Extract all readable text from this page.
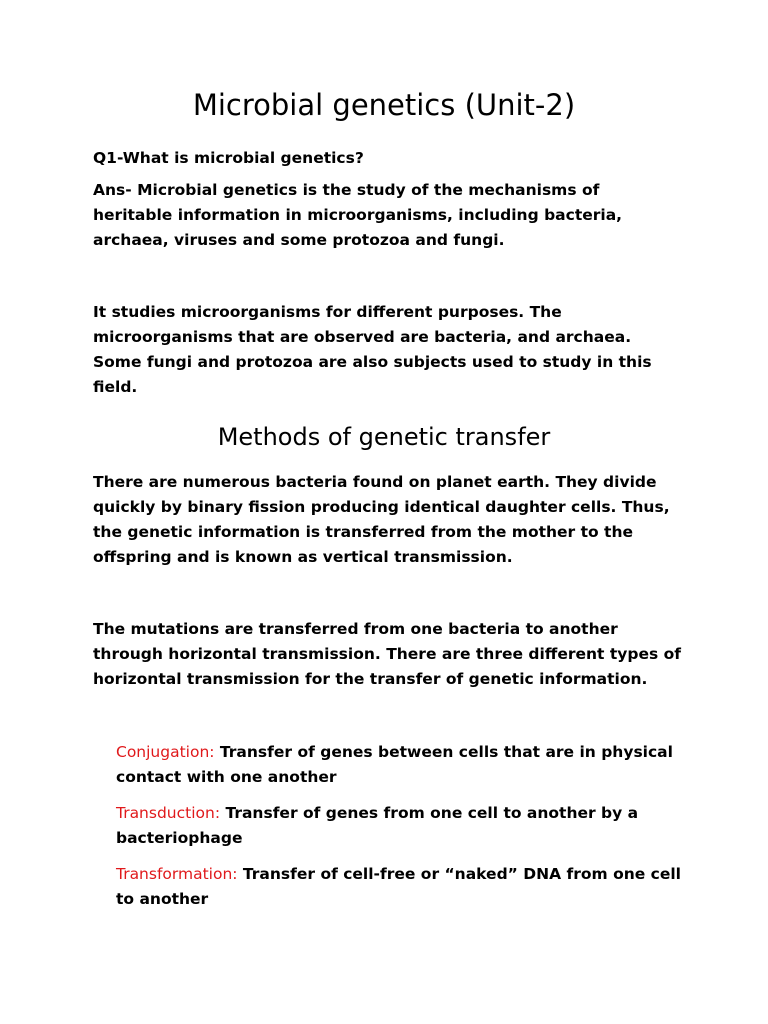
Microbial genetics (Unit-2)

Q1-What is microbial genetics?

Ans- Microbial genetics is the study of the mechanisms of heritable information in microorganisms, including bacteria, archaea, viruses and some protozoa and fungi.

It studies microorganisms for different purposes. The microorganisms that are observed are bacteria, and archaea. Some fungi and protozoa are also subjects used to study in this field.

Methods of genetic transfer

There are numerous bacteria found on planet earth. They divide quickly by binary fission producing identical daughter cells. Thus, the genetic information is transferred from the mother to the offspring and is known as vertical transmission.

The mutations are transferred from one bacteria to another through horizontal transmission. There are three different types of horizontal transmission for the transfer of genetic information.

Conjugation: Transfer of genes between cells that are in physical contact with one another

Transduction: Transfer of genes from one cell to another by a bacteriophage

Transformation: Transfer of cell-free or “naked” DNA from one cell to another
